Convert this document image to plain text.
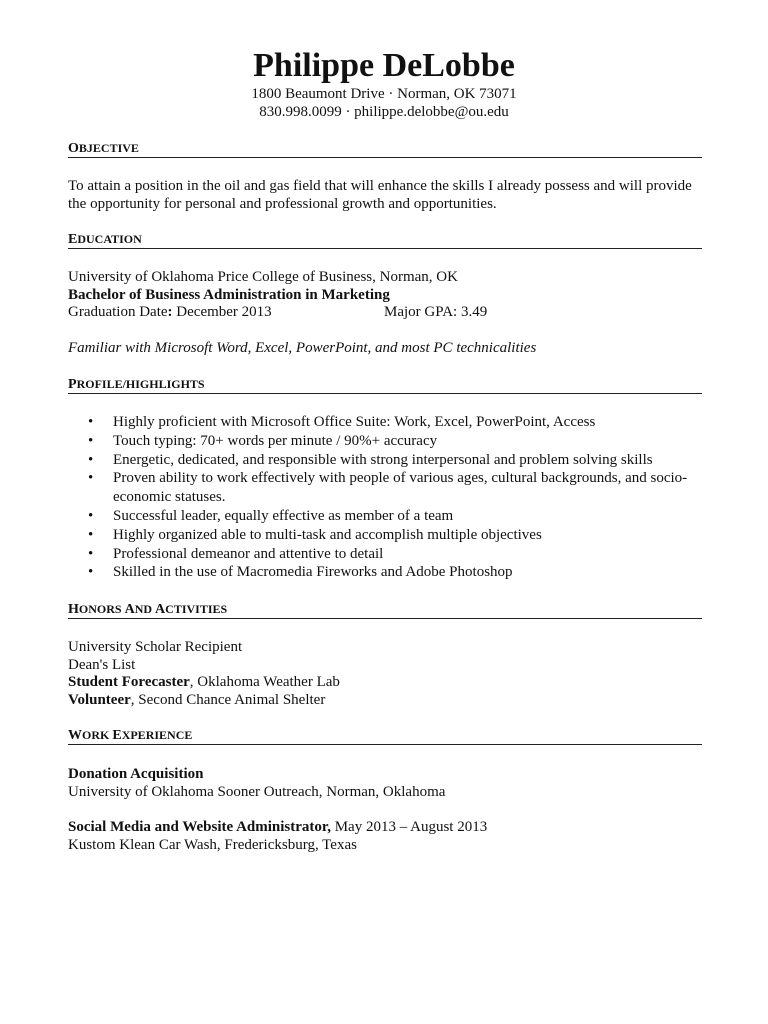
Philippe DeLobbe
1800 Beaumont Drive · Norman, OK 73071
830.998.0099 · philippe.delobbe@ou.edu
OBJECTIVE
To attain a position in the oil and gas field that will enhance the skills I already possess and will provide
the opportunity for personal and professional growth and opportunities.
EDUCATION
University of Oklahoma Price College of Business, Norman, OK
Bachelor of Business Administration in Marketing
Graduation Date: December 2013	Major GPA: 3.49
Familiar with Microsoft Word, Excel, PowerPoint, and most PC technicalities
PROFILE/HIGHLIGHTS
• Highly proficient with Microsoft Office Suite: Work, Excel, PowerPoint, Access
• Touch typing: 70+ words per minute / 90%+ accuracy
• Energetic, dedicated, and responsible with strong interpersonal and problem solving skills
• Proven ability to work effectively with people of various ages, cultural backgrounds, and socio-economic statuses.
• Successful leader, equally effective as member of a team
• Highly organized able to multi-task and accomplish multiple objectives
• Professional demeanor and attentive to detail
• Skilled in the use of Macromedia Fireworks and Adobe Photoshop
HONORS AND ACTIVITIES
University Scholar Recipient
Dean's List
Student Forecaster, Oklahoma Weather Lab
Volunteer, Second Chance Animal Shelter
WORK EXPERIENCE
Donation Acquisition
University of Oklahoma Sooner Outreach, Norman, Oklahoma
Social Media and Website Administrator, May 2013 – August 2013
Kustom Klean Car Wash, Fredericksburg, Texas
